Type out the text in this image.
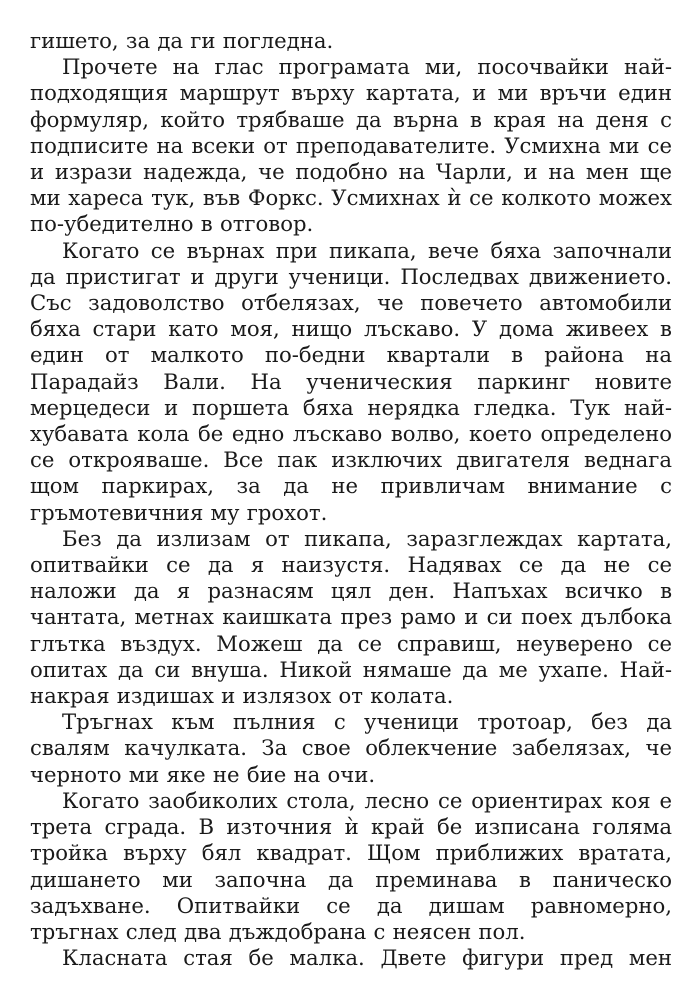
гишето, за да ги погледна.

Прочете на глас програмата ми, посочвайки най-подходящия маршрут върху картата, и ми връчи един формуляр, който трябваше да върна в края на деня с подписите на всеки от преподавателите. Усмихна ми се и изрази надежда, че подобно на Чарли, и на мен ще ми хареса тук, във Форкс. Усмихнах ѝ се колкото можех по-убедително в отговор.

Когато се върнах при пикапа, вече бяха започнали да пристигат и други ученици. Последвах движението. Със задоволство отбелязах, че повечето автомобили бяха стари като моя, нищо лъскаво. У дома живеех в един от малкото по-бедни квартали в района на Парадайз Вали. На ученическия паркинг новите мерцедеси и поршета бяха нерядка гледка. Тук най-хубавата кола бе едно лъскаво волво, което определено се открояваше. Все пак изключих двигателя веднага щом паркирах, за да не привличам внимание с гръмотевичния му грохот.

Без да излизам от пикапа, заразглеждах картата, опитвайки се да я наизустя. Надявах се да не се наложи да я разнасям цял ден. Напъхах всичко в чантата, метнах каишката през рамо и си поех дълбока глътка въздух. Можеш да се справиш, неуверено се опитах да си внуша. Никой нямаше да ме ухапе. Най-накрая издишах и излязох от колата.

Тръгнах към пълния с ученици тротоар, без да свалям качулката. За свое облекчение забелязах, че черното ми яке не бие на очи.

Когато заобиколих стола, лесно се ориентирах коя е трета сграда. В източния ѝ край бе изписана голяма тройка върху бял квадрат. Щом приближих вратата, дишането ми започна да преминава в паническо задъхване. Опитвайки се да дишам равномерно, тръгнах след два дъждобрана с неясен пол.

Класната стая бе малка. Двете фигури пред мен
